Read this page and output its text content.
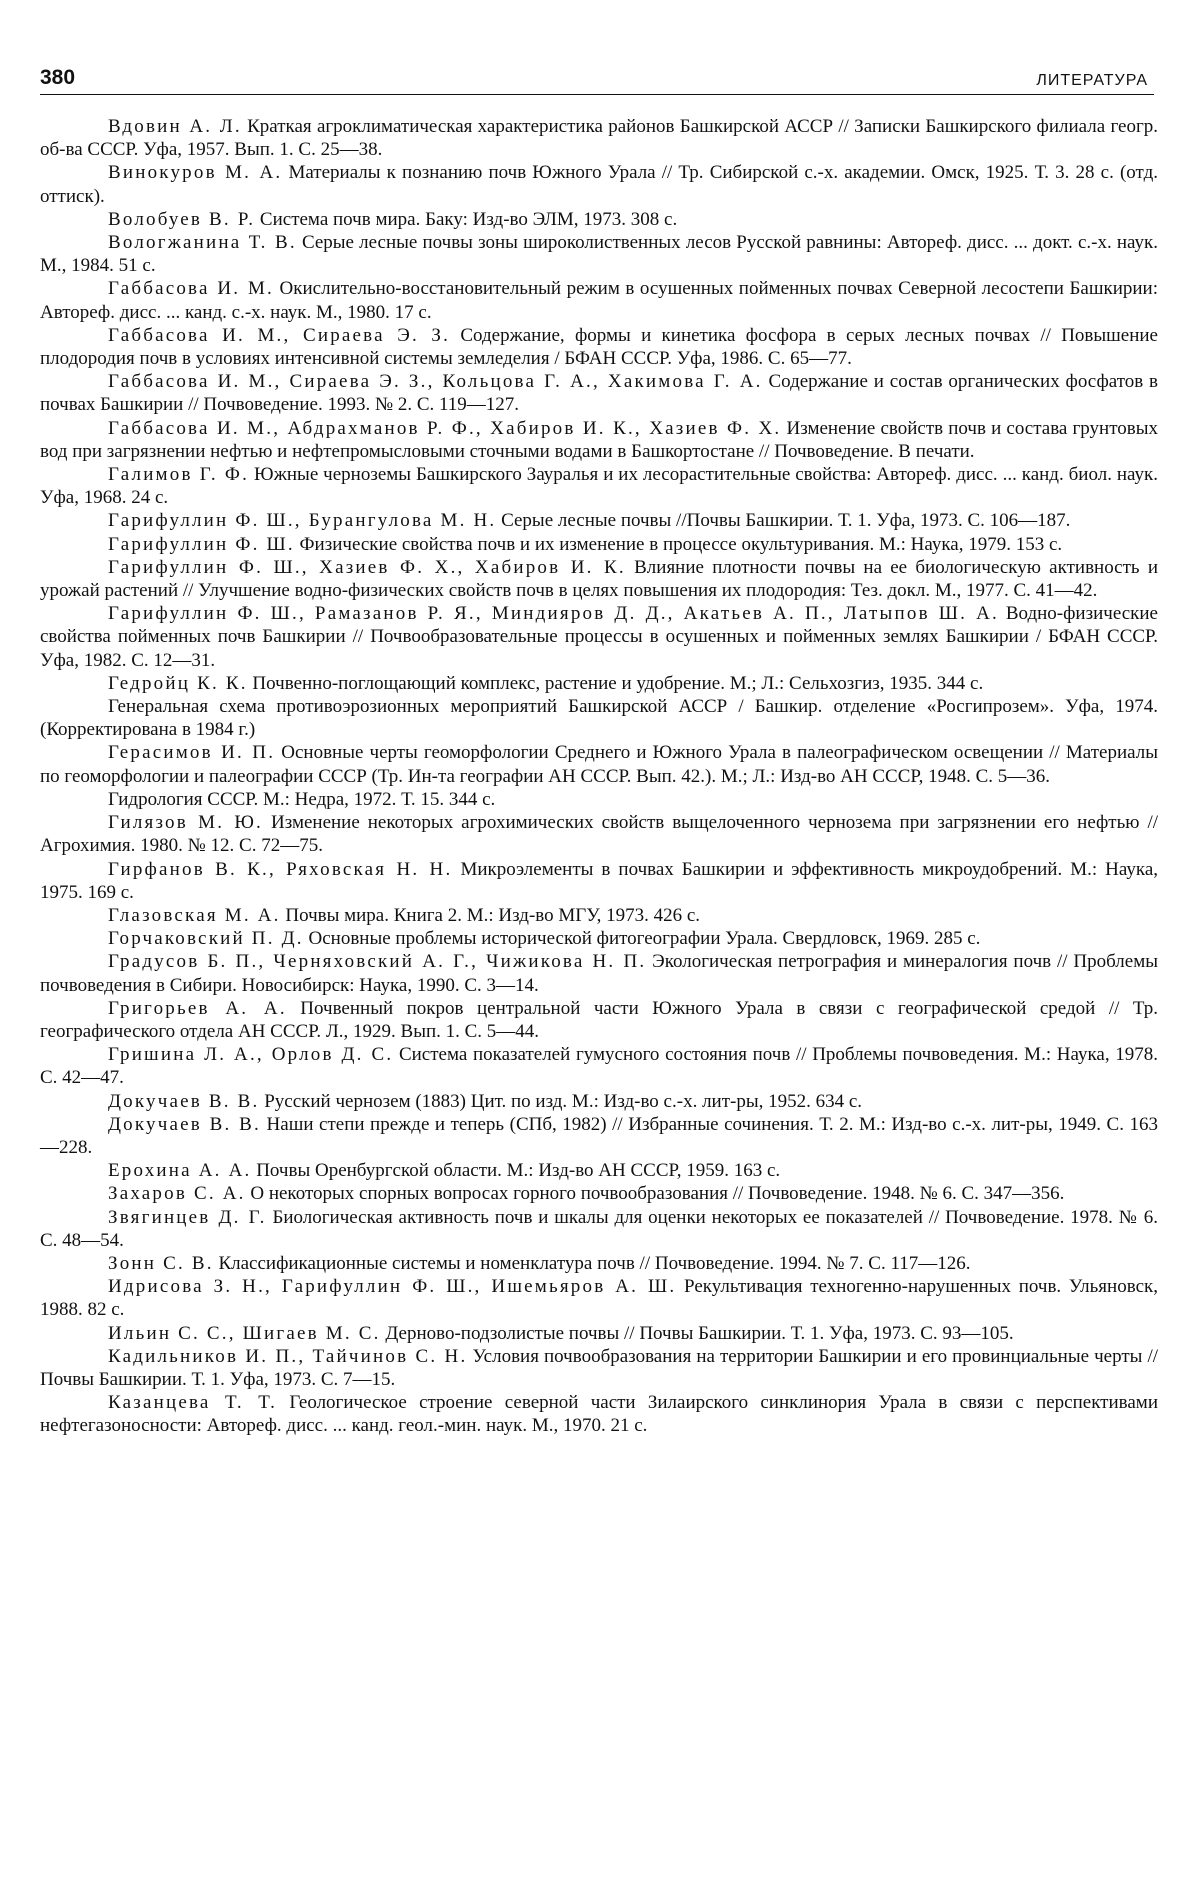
380	ЛИТЕРАТУРА

Вдовин А. Л. Краткая агроклиматическая характеристика районов Башкирской АССР // Записки Башкирского филиала геогр. об-ва СССР. Уфа, 1957. Вып. 1. С. 25—38.

Винокуров М. А. Материалы к познанию почв Южного Урала // Тр. Сибирской с.-х. академии. Омск, 1925. Т. 3. 28 с. (отд. оттиск).

Волобуев В. Р. Система почв мира. Баку: Изд-во ЭЛМ, 1973. 308 с.

Вологжанина Т. В. Серые лесные почвы зоны широколиственных лесов Русской равнины: Автореф. дисс. ... докт. с.-х. наук. М., 1984. 51 с.

Габбасова И. М. Окислительно-восстановительный режим в осушенных пойменных почвах Северной лесостепи Башкирии: Автореф. дисс. ... канд. с.-х. наук. М., 1980. 17 с.

Габбасова И. М., Сираева Э. З. Содержание, формы и кинетика фосфора в серых лесных почвах // Повышение плодородия почв в условиях интенсивной системы земледелия / БФАН СССР. Уфа, 1986. С. 65—77.

Габбасова И. М., Сираева Э. З., Кольцова Г. А., Хакимова Г. А. Содержание и состав органических фосфатов в почвах Башкирии // Почвоведение. 1993. № 2. С. 119—127.

Габбасова И. М., Абдрахманов Р. Ф., Хабиров И. К., Хазиев Ф. Х. Изменение свойств почв и состава грунтовых вод при загрязнении нефтью и нефтепромысловыми сточными водами в Башкортостане // Почвоведение. В печати.

Галимов Г. Ф. Южные черноземы Башкирского Зауралья и их лесорастительные свойства: Автореф. дисс. ... канд. биол. наук. Уфа, 1968. 24 с.

Гарифуллин Ф. Ш., Бурангулова М. Н. Серые лесные почвы //Почвы Башкирии. Т. 1. Уфа, 1973. С. 106—187.

Гарифуллин Ф. Ш. Физические свойства почв и их изменение в процессе окультуривания. М.: Наука, 1979. 153 с.

Гарифуллин Ф. Ш., Хазиев Ф. Х., Хабиров И. К. Влияние плотности почвы на ее биологическую активность и урожай растений // Улучшение водно-физических свойств почв в целях повышения их плодородия: Тез. докл. М., 1977. С. 41—42.

Гарифуллин Ф. Ш., Рамазанов Р. Я., Миндияров Д. Д., Акатьев А. П., Латыпов Ш. А. Водно-физические свойства пойменных почв Башкирии // Почвообразовательные процессы в осушенных и пойменных землях Башкирии / БФАН СССР. Уфа, 1982. С. 12—31.

Гедройц К. К. Почвенно-поглощающий комплекс, растение и удобрение. М.; Л.: Сельхозгиз, 1935. 344 с.

Генеральная схема противоэрозионных мероприятий Башкирской АССР / Башкир. отделение «Росгипрозем». Уфа, 1974. (Корректирована в 1984 г.)

Герасимов И. П. Основные черты геоморфологии Среднего и Южного Урала в палеографическом освещении // Материалы по геоморфологии и палеографии СССР (Тр. Ин-та географии АН СССР. Вып. 42.). М.; Л.: Изд-во АН СССР, 1948. С. 5—36.

Гидрология СССР. М.: Недра, 1972. Т. 15. 344 с.

Гилязов М. Ю. Изменение некоторых агрохимических свойств выщелоченного чернозема при загрязнении его нефтью // Агрохимия. 1980. № 12. С. 72—75.

Гирфанов В. К., Ряховская Н. Н. Микроэлементы в почвах Башкирии и эффективность микроудобрений. М.: Наука, 1975. 169 с.

Глазовская М. А. Почвы мира. Книга 2. М.: Изд-во МГУ, 1973. 426 с.

Горчаковский П. Д. Основные проблемы исторической фитогеографии Урала. Свердловск, 1969. 285 с.

Градусов Б. П., Черняховский А. Г., Чижикова Н. П. Экологическая петрография и минералогия почв // Проблемы почвоведения в Сибири. Новосибирск: Наука, 1990. С. 3—14.

Григорьев А. А. Почвенный покров центральной части Южного Урала в связи с географической средой // Тр. географического отдела АН СССР. Л., 1929. Вып. 1. С. 5—44.

Гришина Л. А., Орлов Д. С. Система показателей гумусного состояния почв // Проблемы почвоведения. М.: Наука, 1978. С. 42—47.

Докучаев В. В. Русский чернозем (1883) Цит. по изд. М.: Изд-во с.-х. лит-ры, 1952. 634 с.

Докучаев В. В. Наши степи прежде и теперь (СПб, 1982) // Избранные сочинения. Т. 2. М.: Изд-во с.-х. лит-ры, 1949. С. 163—228.

Ерохина А. А. Почвы Оренбургской области. М.: Изд-во АН СССР, 1959. 163 с.

Захаров С. А. О некоторых спорных вопросах горного почвообразования // Почвоведение. 1948. № 6. С. 347—356.

Звягинцев Д. Г. Биологическая активность почв и шкалы для оценки некоторых ее показателей // Почвоведение. 1978. № 6. С. 48—54.

Зонн С. В. Классификационные системы и номенклатура почв // Почвоведение. 1994. № 7. С. 117—126.

Идрисова З. Н., Гарифуллин Ф. Ш., Ишемьяров А. Ш. Рекультивация техногенно-нарушенных почв. Ульяновск, 1988. 82 с.

Ильин С. С., Шигаев М. С. Дерново-подзолистые почвы // Почвы Башкирии. Т. 1. Уфа, 1973. С. 93—105.

Кадильников И. П., Тайчинов С. Н. Условия почвообразования на территории Башкирии и его провинциальные черты // Почвы Башкирии. Т. 1. Уфа, 1973. С. 7—15.

Казанцева Т. Т. Геологическое строение северной части Зилаирского синклинория Урала в связи с перспективами нефтегазоносности: Автореф. дисс. ... канд. геол.-мин. наук. М., 1970. 21 с.
